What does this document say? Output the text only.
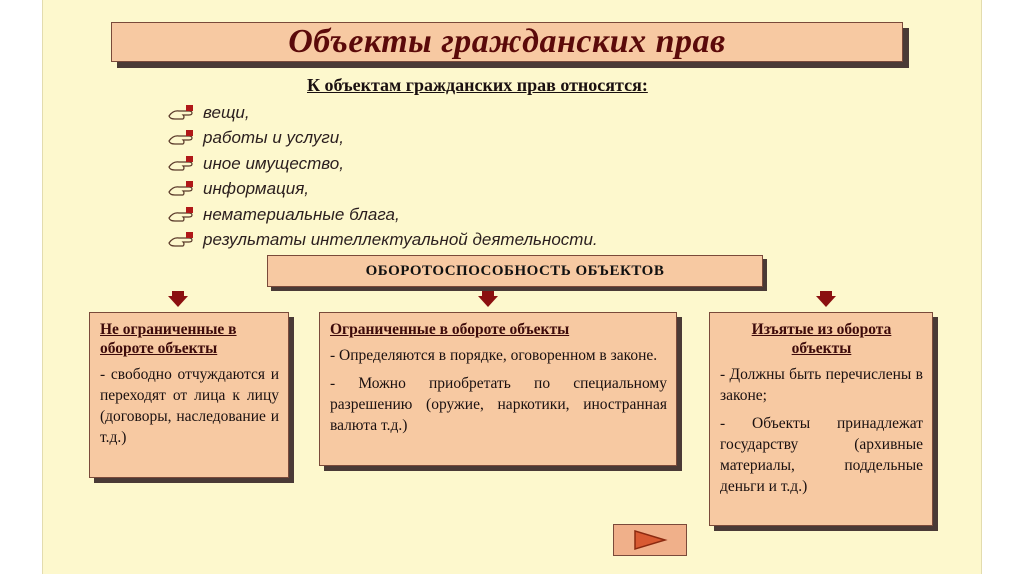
Объекты гражданских прав
К объектам гражданских прав относятся:
вещи,
работы и услуги,
иное имущество,
информация,
нематериальные блага,
результаты интеллектуальной деятельности.
ОБОРОТОСПОСОБНОСТЬ ОБЪЕКТОВ
Не ограниченные в обороте объекты

- свободно отчуждаются и переходят от лица к лицу (договоры, наследование и т.д.)

Ограниченные в обороте объекты

- Определяются в порядке, оговоренном в законе.

- Можно приобретать по специальному разрешению (оружие, наркотики, иностранная валюта т.д.)

Изъятые из оборота объекты

- Должны быть перечислены в законе;

- Объекты принадлежат государству (архивные материалы, поддельные деньги и т.д.)
